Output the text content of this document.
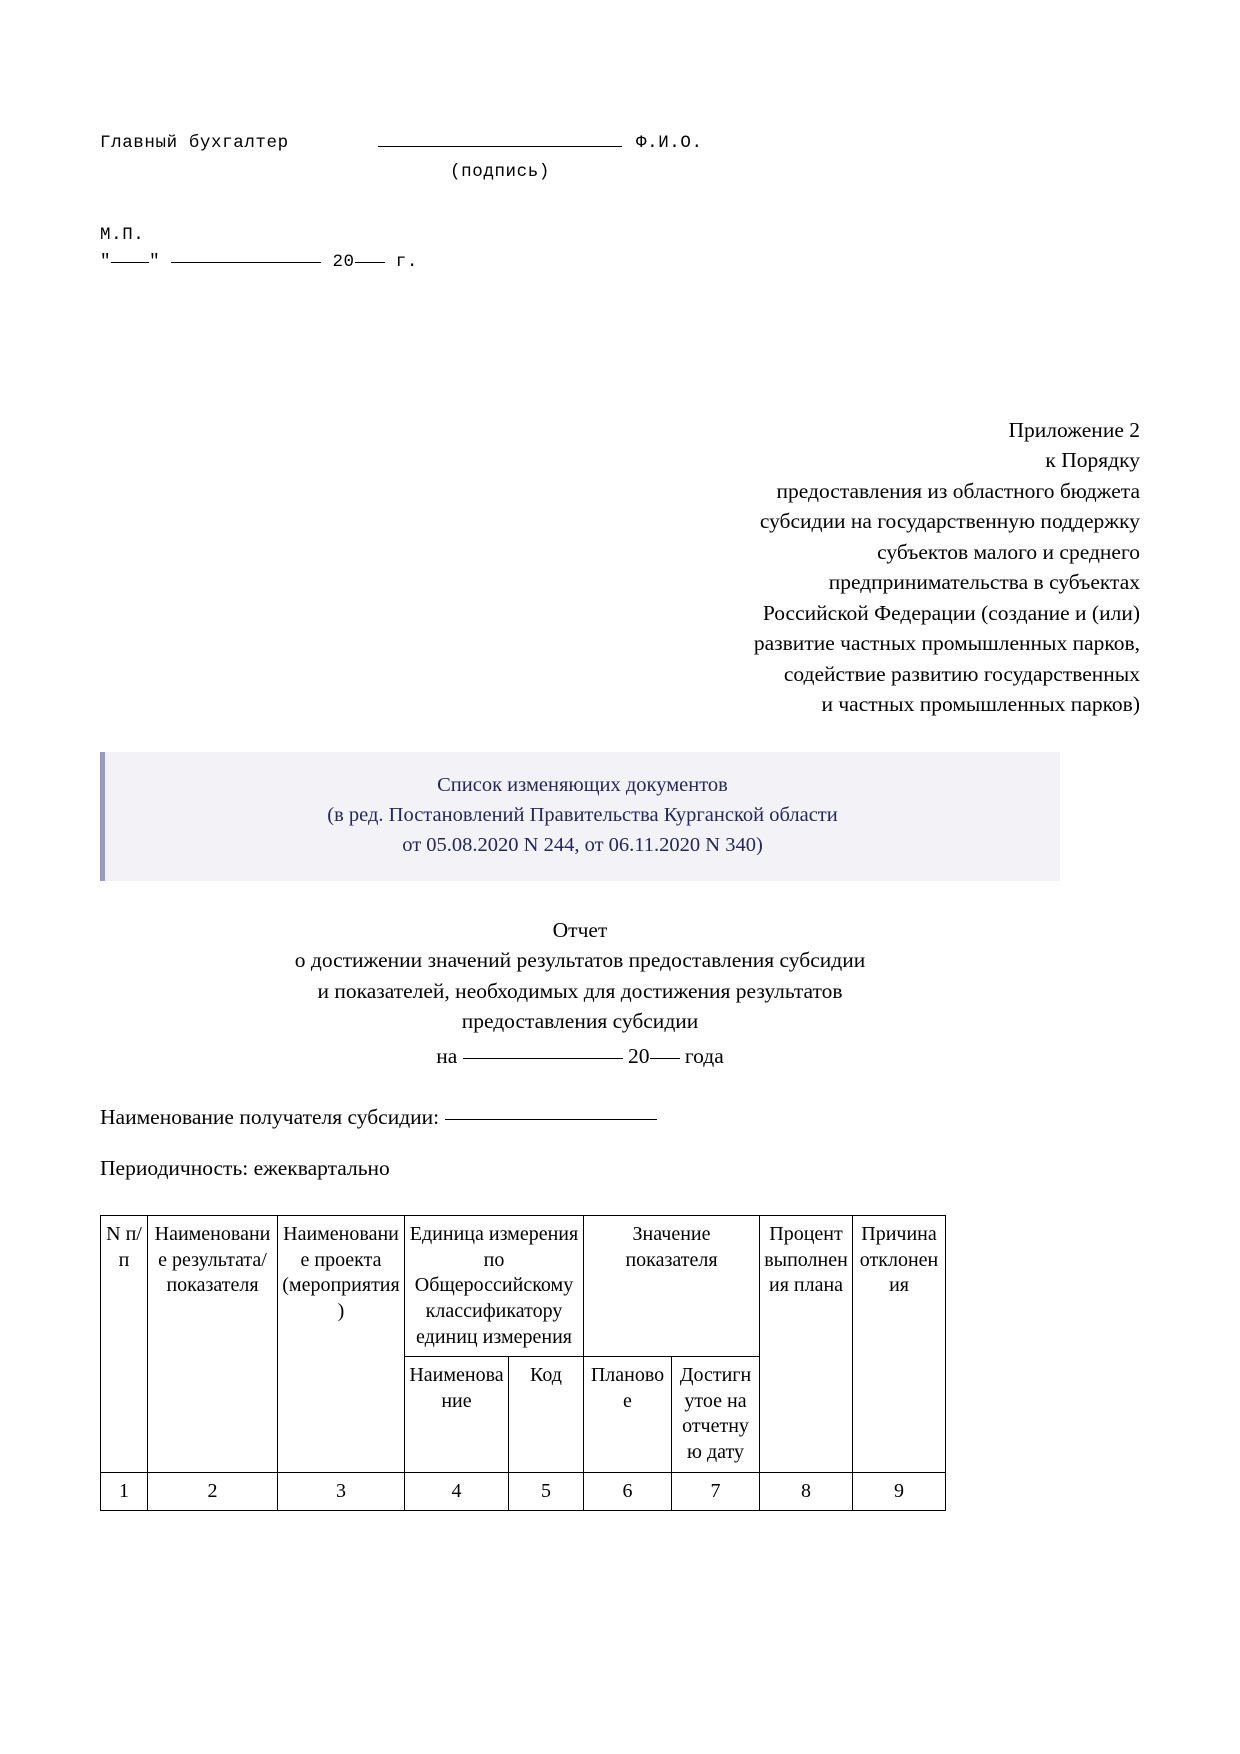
Главный бухгалтер	Ф.И.О.
(подпись)
М.П.
" "	20 г.
Приложение 2
к Порядку
предоставления из областного бюджета
субсидии на государственную поддержку
субъектов малого и среднего
предпринимательства в субъектах
Российской Федерации (создание и (или)
развитие частных промышленных парков,
содействие развитию государственных
и частных промышленных парков)
Список изменяющих документов
(в ред. Постановлений Правительства Курганской области
от 05.08.2020 N 244, от 06.11.2020 N 340)
Отчет
о достижении значений результатов предоставления субсидии
и показателей, необходимых для достижения результатов
предоставления субсидии
на	20 года
Наименование получателя субсидии:
Периодичность: ежеквартально
N п/п	Наименование результата/показателя	Наименование проекта (мероприятия)	Единица измерения по Общероссийскому классификатору единиц измерения		Значение показателя		Процент выполнения плана	Причина отклонения
			Наименование	Код	Плановое	Достигнутое на отчетную дату		
1	2	3	4	5	6	7	8	9
